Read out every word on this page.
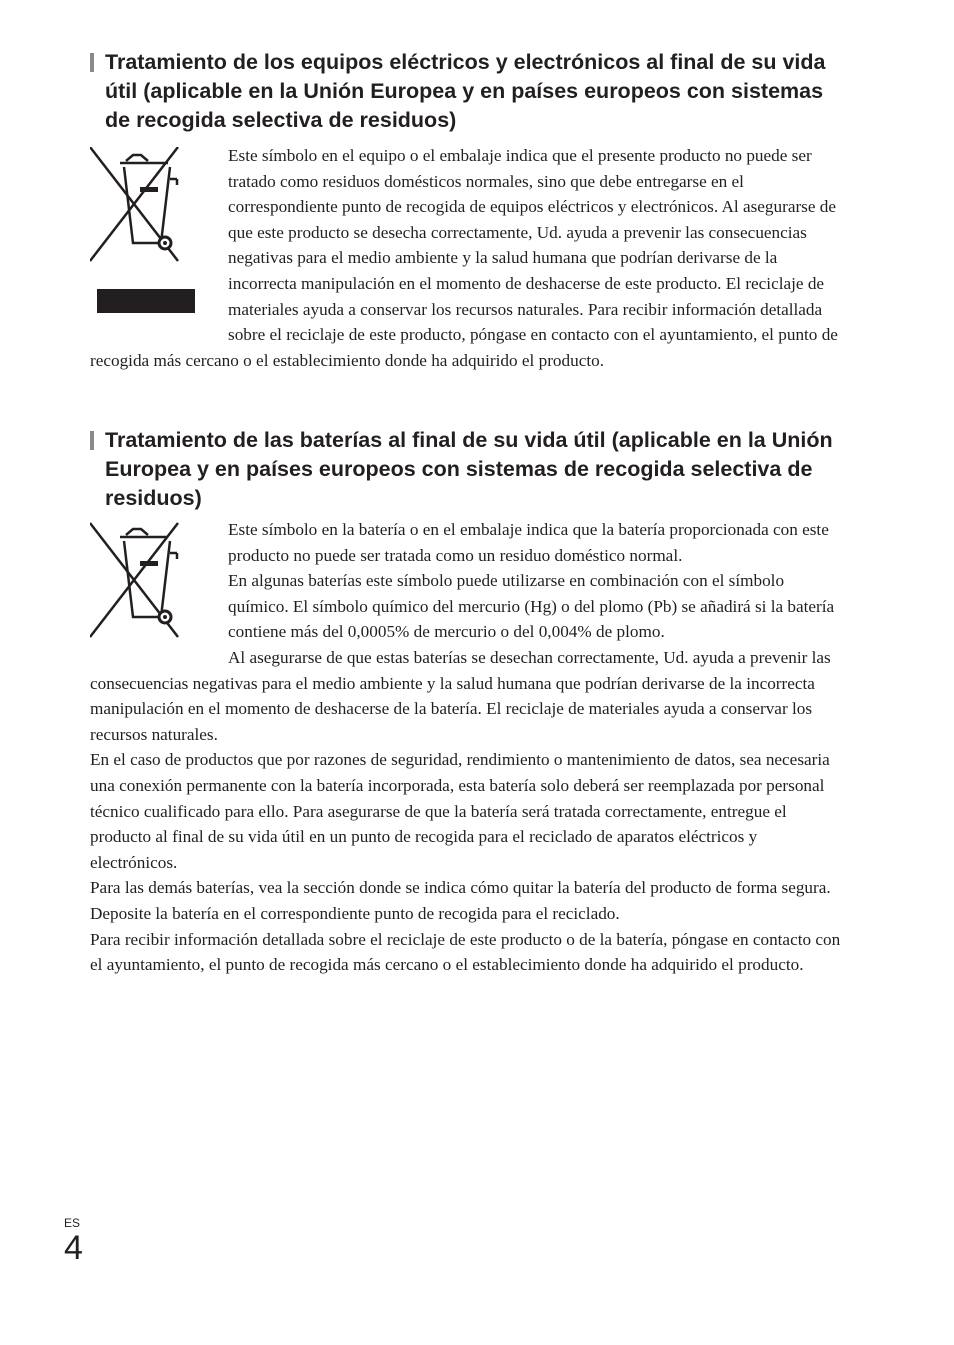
Tratamiento de los equipos eléctricos y electrónicos al final de su vida útil (aplicable en la Unión Europea y en países europeos con sistemas de recogida selectiva de residuos)

Este símbolo en el equipo o el embalaje indica que el presente producto no puede ser tratado como residuos domésticos normales, sino que debe entregarse en el correspondiente punto de recogida de equipos eléctricos y electrónicos. Al asegurarse de que este producto se desecha correctamente, Ud. ayuda a prevenir las consecuencias negativas para el medio ambiente y la salud humana que podrían derivarse de la incorrecta manipulación en el momento de deshacerse de este producto. El reciclaje de materiales ayuda a conservar los recursos naturales. Para recibir información detallada sobre el reciclaje de este producto, póngase en contacto con el ayuntamiento, el punto de recogida más cercano o el establecimiento donde ha adquirido el producto.

Tratamiento de las baterías al final de su vida útil (aplicable en la Unión Europea y en países europeos con sistemas de recogida selectiva de residuos)

Este símbolo en la batería o en el embalaje indica que la batería proporcionada con este producto no puede ser tratada como un residuo doméstico normal.

En algunas baterías este símbolo puede utilizarse en combinación con el símbolo químico. El símbolo químico del mercurio (Hg) o del plomo (Pb) se añadirá si la batería contiene más del 0,0005% de mercurio o del 0,004% de plomo.

Al asegurarse de que estas baterías se desechan correctamente, Ud. ayuda a prevenir las consecuencias negativas para el medio ambiente y la salud humana que podrían derivarse de la incorrecta manipulación en el momento de deshacerse de la batería. El reciclaje de materiales ayuda a conservar los recursos naturales.

En el caso de productos que por razones de seguridad, rendimiento o mantenimiento de datos, sea necesaria una conexión permanente con la batería incorporada, esta batería solo deberá ser reemplazada por personal técnico cualificado para ello. Para asegurarse de que la batería será tratada correctamente, entregue el producto al final de su vida útil en un punto de recogida para el reciclado de aparatos eléctricos y electrónicos.

Para las demás baterías, vea la sección donde se indica cómo quitar la batería del producto de forma segura.

Deposite la batería en el correspondiente punto de recogida para el reciclado.

Para recibir información detallada sobre el reciclaje de este producto o de la batería, póngase en contacto con el ayuntamiento, el punto de recogida más cercano o el establecimiento donde ha adquirido el producto.

ES
4
